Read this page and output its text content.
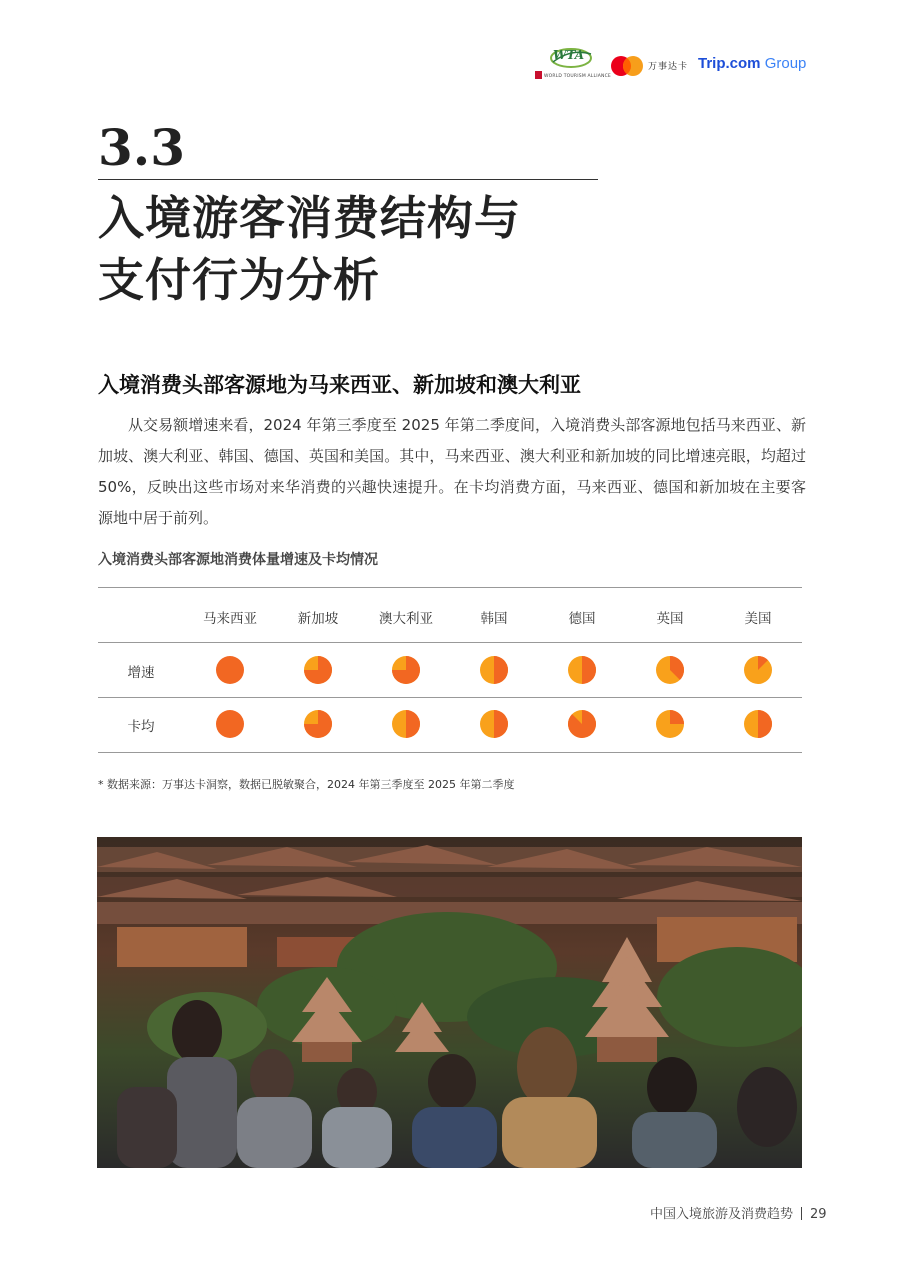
WTA
WORLD TOURISM ALLIANCE
万事达卡 Trip.com Group
3.3
入境游客消费结构与
支付行为分析
入境消费头部客源地为马来西亚、新加坡和澳大利亚
从交易额增速来看，2024 年第三季度至 2025 年第二季度间，入境消费头部客源地包括马来西亚、新加坡、澳大利亚、韩国、德国、英国和美国。其中，马来西亚、澳大利亚和新加坡的同比增速亮眼，均超过 50%，反映出这些市场对来华消费的兴趣快速提升。在卡均消费方面，马来西亚、德国和新加坡在主要客源地中居于前列。
入境消费头部客源地消费体量增速及卡均情况
马来西亚	新加坡	澳大利亚	韩国	德国	英国	美国
增速
卡均
* 数据来源：万事达卡洞察，数据已脱敏聚合，2024 年第三季度至 2025 年第二季度
中国入境旅游及消费趋势 29
